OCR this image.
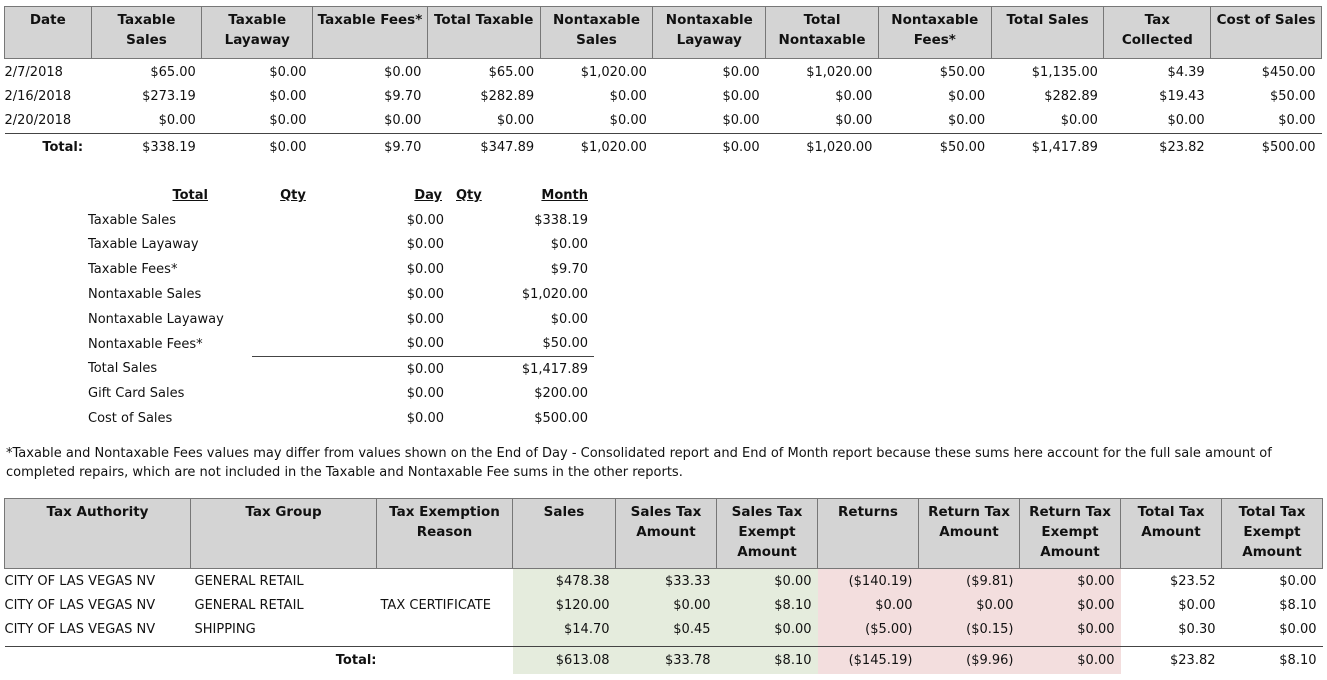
Date	Taxable Sales	Taxable Layaway	Taxable Fees*	Total Taxable	Nontaxable Sales	Nontaxable Layaway	Total Nontaxable	Nontaxable Fees*	Total Sales	Tax Collected	Cost of Sales
2/7/2018	$65.00	$0.00	$0.00	$65.00	$1,020.00	$0.00	$1,020.00	$50.00	$1,135.00	$4.39	$450.00
2/16/2018	$273.19	$0.00	$9.70	$282.89	$0.00	$0.00	$0.00	$0.00	$282.89	$19.43	$50.00
2/20/2018	$0.00	$0.00	$0.00	$0.00	$0.00	$0.00	$0.00	$0.00	$0.00	$0.00	$0.00
Total:	$338.19	$0.00	$9.70	$347.89	$1,020.00	$0.00	$1,020.00	$50.00	$1,417.89	$23.82	$500.00
Total	Qty	Day	Qty	Month
Taxable Sales		$0.00		$338.19
Taxable Layaway		$0.00		$0.00
Taxable Fees*		$0.00		$9.70
Nontaxable Sales		$0.00		$1,020.00
Nontaxable Layaway		$0.00		$0.00
Nontaxable Fees*		$0.00		$50.00
Total Sales		$0.00		$1,417.89
Gift Card Sales		$0.00		$200.00
Cost of Sales		$0.00		$500.00

*Taxable and Nontaxable Fees values may differ from values shown on the End of Day - Consolidated report and End of Month report because these sums here account for the full sale amount of completed repairs, which are not included in the Taxable and Nontaxable Fee sums in the other reports.

Tax Authority	Tax Group	Tax Exemption Reason	Sales	Sales Tax Amount	Sales Tax Exempt Amount	Returns	Return Tax Amount	Return Tax Exempt Amount	Total Tax Amount	Total Tax Exempt Amount
CITY OF LAS VEGAS NV	GENERAL RETAIL		$478.38	$33.33	$0.00	($140.19)	($9.81)	$0.00	$23.52	$0.00
CITY OF LAS VEGAS NV	GENERAL RETAIL	TAX CERTIFICATE	$120.00	$0.00	$8.10	$0.00	$0.00	$0.00	$0.00	$8.10
CITY OF LAS VEGAS NV	SHIPPING		$14.70	$0.45	$0.00	($5.00)	($0.15)	$0.00	$0.30	$0.00

	Total:		$613.08	$33.78	$8.10	($145.19)	($9.96)	$0.00	$23.82	$8.10
